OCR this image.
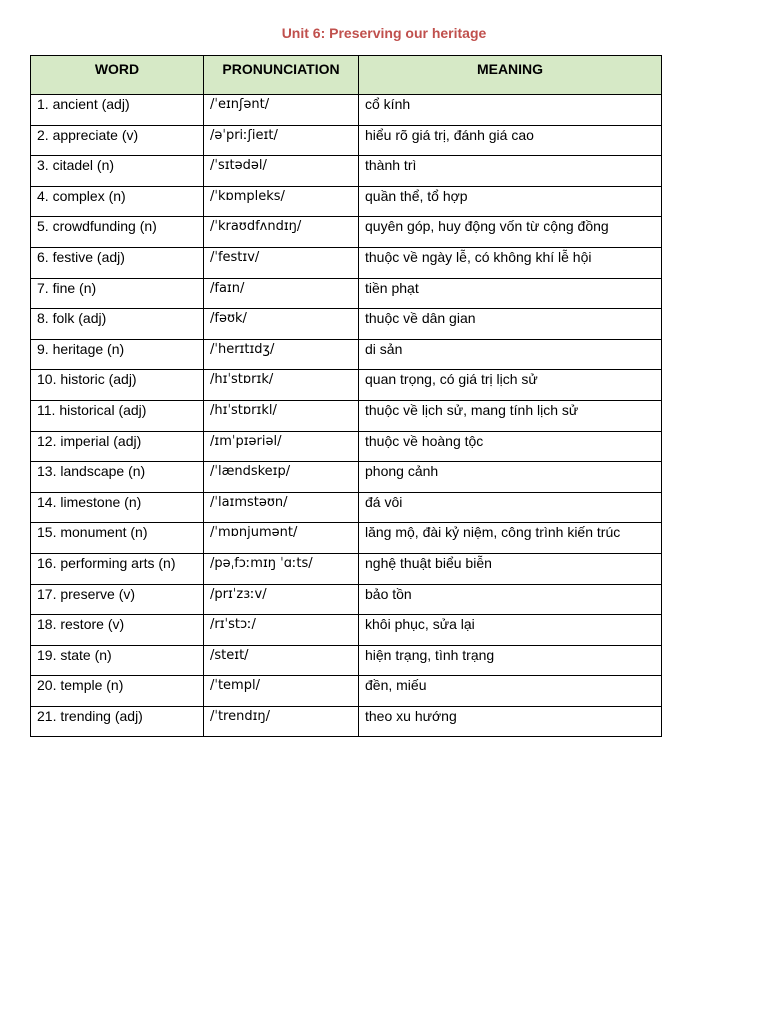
Unit 6: Preserving our heritage
WORD	PRONUNCIATION	MEANING
1. ancient (adj)	/ˈeɪnʃənt/	cổ kính
2. appreciate (v)	/əˈpriːʃieɪt/	hiểu rõ giá trị, đánh giá cao
3. citadel (n)	/ˈsɪtədəl/	thành trì
4. complex (n)	/ˈkɒmpleks/	quần thể, tổ hợp
5. crowdfunding (n)	/ˈkraʊdfʌndɪŋ/	quyên góp, huy động vốn từ cộng đồng
6. festive (adj)	/ˈfestɪv/	thuộc về ngày lễ, có không khí lễ hội
7. fine (n)	/faɪn/	tiền phạt
8. folk (adj)	/fəʊk/	thuộc về dân gian
9. heritage (n)	/ˈherɪtɪdʒ/	di sản
10. historic (adj)	/hɪˈstɒrɪk/	quan trọng, có giá trị lịch sử
11. historical (adj)	/hɪˈstɒrɪkl/	thuộc về lịch sử, mang tính lịch sử
12. imperial (adj)	/ɪmˈpɪəriəl/	thuộc về hoàng tộc
13. landscape (n)	/ˈlændskeɪp/	phong cảnh
14. limestone (n)	/ˈlaɪmstəʊn/	đá vôi
15. monument (n)	/ˈmɒnjumənt/	lăng mộ, đài kỷ niệm, công trình kiến trúc
16. performing arts (n)	/pəˌfɔːmɪŋ ˈɑːts/	nghệ thuật biểu biễn
17. preserve (v)	/prɪˈzɜːv/	bảo tồn
18. restore (v)	/rɪˈstɔː/	khôi phục, sửa lại
19. state (n)	/steɪt/	hiện trạng, tình trạng
20. temple (n)	/ˈtempl/	đền, miếu
21. trending (adj)	/ˈtrendɪŋ/	theo xu hướng
